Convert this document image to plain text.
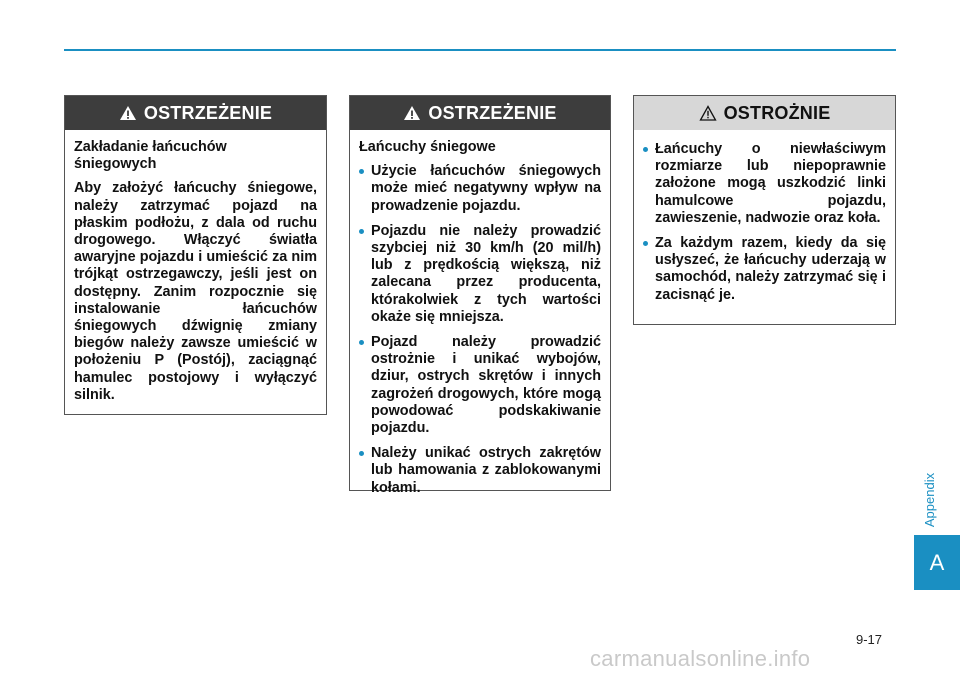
OSTRZEŻENIE

Zakładanie łańcuchów śniegowych

Aby założyć łańcuchy śniegowe, należy zatrzymać pojazd na płaskim podłożu, z dala od ruchu drogowego. Włączyć światła awaryjne pojazdu i umieścić za nim trójkąt ostrzegawczy, jeśli jest on dostępny. Zanim rozpocznie się instalowanie łańcuchów śniegowych dźwignię zmiany biegów należy zawsze umieścić w położeniu P (Postój), zaciągnąć hamulec postojowy i wyłączyć silnik.

OSTRZEŻENIE

Łańcuchy śniegowe

Użycie łańcuchów śniegowych może mieć negatywny wpływ na prowadzenie pojazdu.
Pojazdu nie należy prowadzić szybciej niż 30 km/h (20 mil/h) lub z prędkością większą, niż zalecana przez producenta, którakolwiek z tych wartości okaże się mniejsza.
Pojazd należy prowadzić ostrożnie i unikać wybojów, dziur, ostrych skrętów i innych zagrożeń drogowych, które mogą powodować podskakiwanie pojazdu.
Należy unikać ostrych zakrętów lub hamowania z zablokowanymi kołami.
OSTROŻNIE
Łańcuchy o niewłaściwym rozmiarze lub niepoprawnie założone mogą uszkodzić linki hamulcowe pojazdu, zawieszenie, nadwozie oraz koła.
Za każdym razem, kiedy da się usłyszeć, że łańcuchy uderzają w samochód, należy zatrzymać się i zacisnąć je.
Appendix
A
9-17
carmanualsonline.info
